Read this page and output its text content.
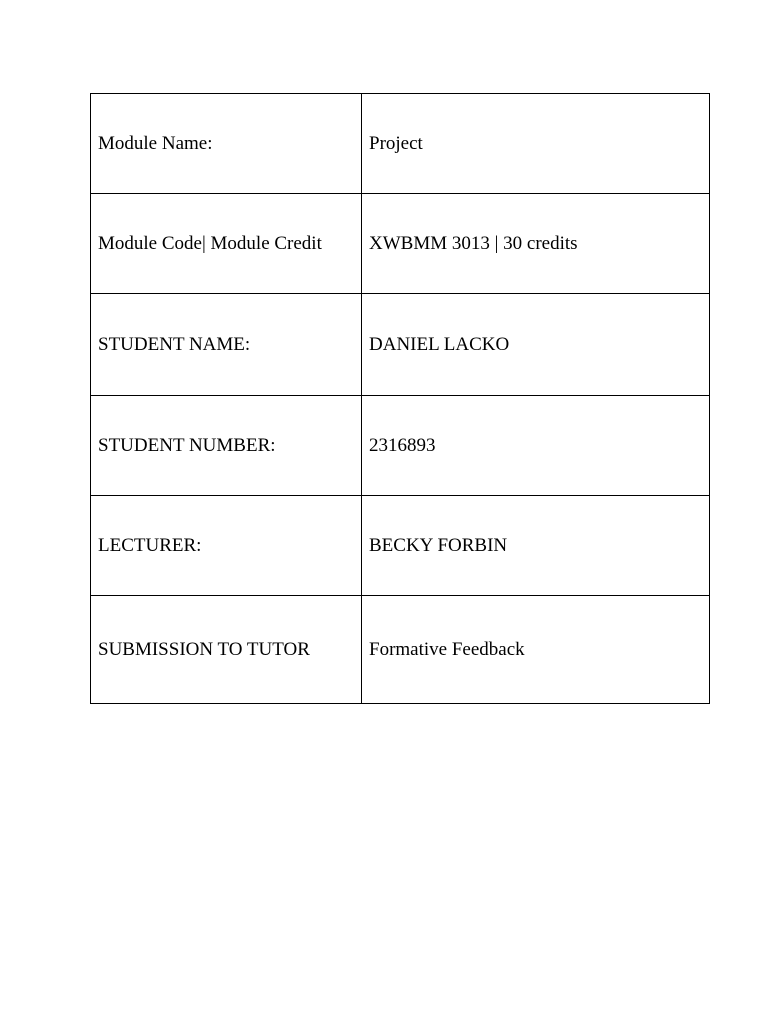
Module Name:	Project
Module Code| Module Credit	XWBMM 3013 | 30 credits
STUDENT NAME:	DANIEL LACKO
STUDENT NUMBER:	2316893
LECTURER:	BECKY FORBIN
SUBMISSION TO TUTOR	Formative Feedback
